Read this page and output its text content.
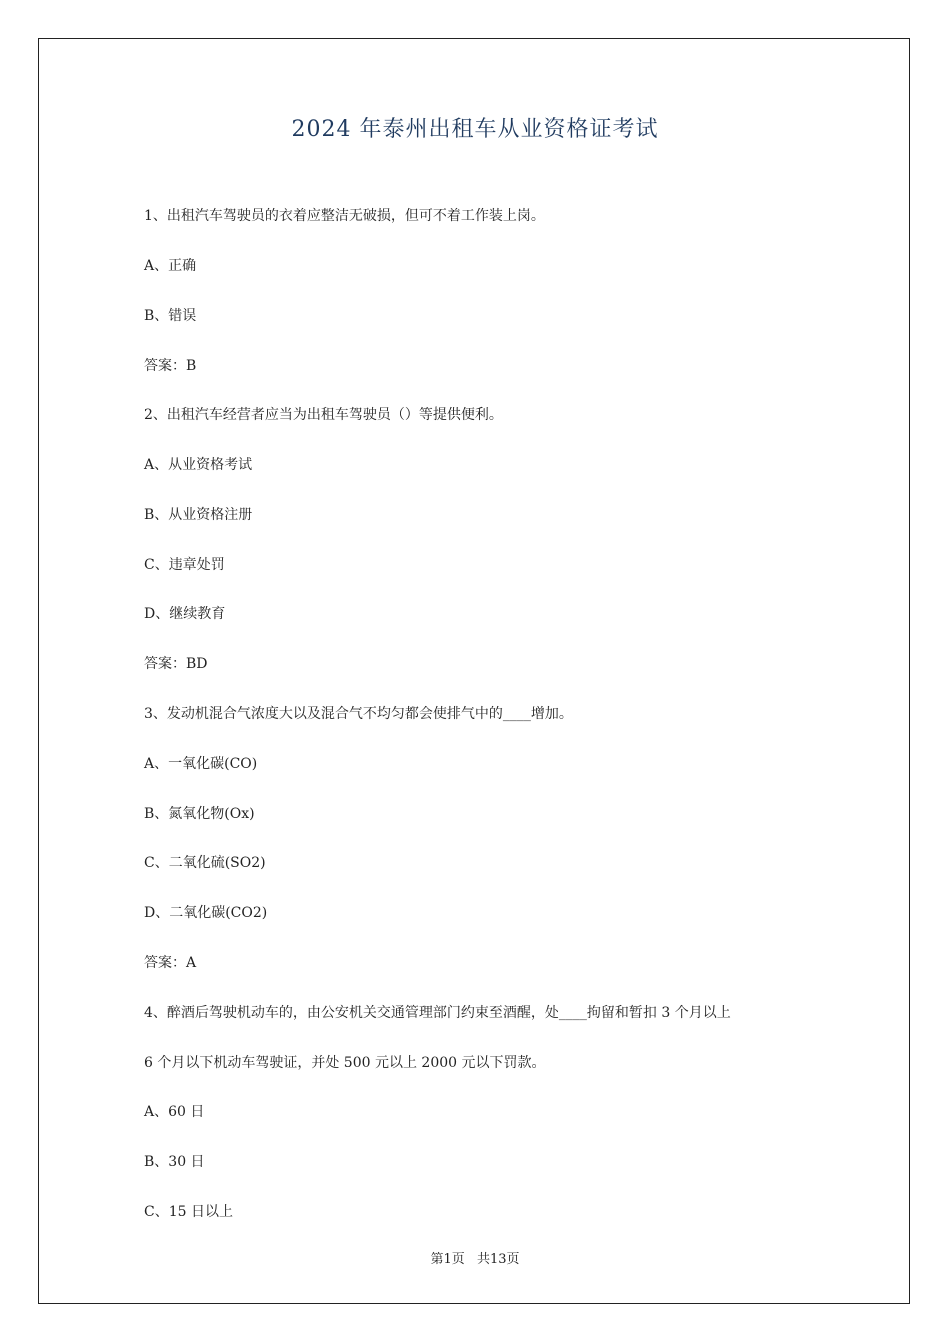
2024 年泰州出租车从业资格证考试
1、出租汽车驾驶员的衣着应整洁无破损，但可不着工作装上岗。
A、正确
B、错误
答案：B
2、出租汽车经营者应当为出租车驾驶员（）等提供便利。
A、从业资格考试
B、从业资格注册
C、违章处罚
D、继续教育
答案：BD
3、发动机混合气浓度大以及混合气不均匀都会使排气中的____增加。
A、一氧化碳(CO)
B、氮氧化物(Ox)
C、二氧化硫(SO2)
D、二氧化碳(CO2)
答案：A
4、醉酒后驾驶机动车的，由公安机关交通管理部门约束至酒醒，处____拘留和暂扣 3 个月以上
6 个月以下机动车驾驶证，并处 500 元以上 2000 元以下罚款。
A、60 日
B、30 日
C、15 日以上
第1页 共13页
